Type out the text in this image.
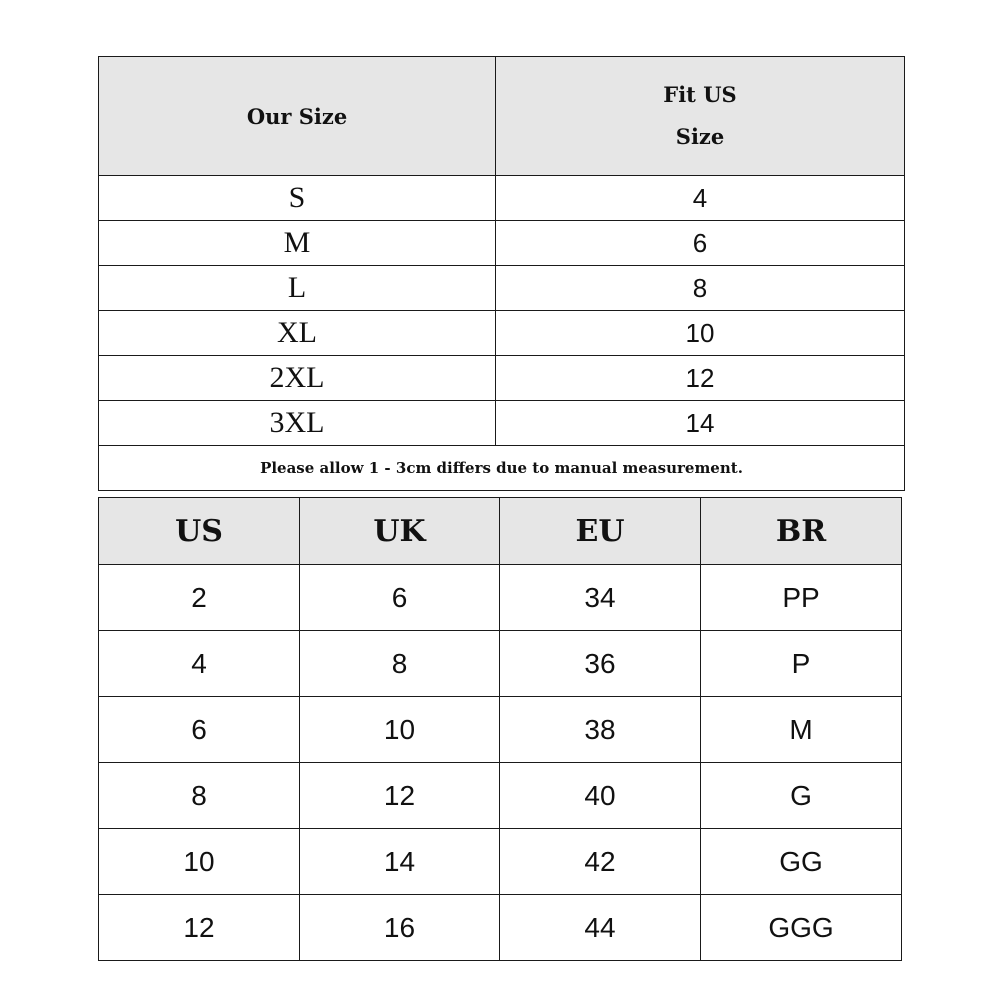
Our Size	Fit US
Size

S	4
M	6
L	8
XL	10
2XL	12
3XL	14
Please allow 1 - 3cm differs due to manual measurement.	
US	UK	EU	BR
2	6	34	PP
4	8	36	P
6	10	38	M
8	12	40	G
10	14	42	GG
12	16	44	GGG
